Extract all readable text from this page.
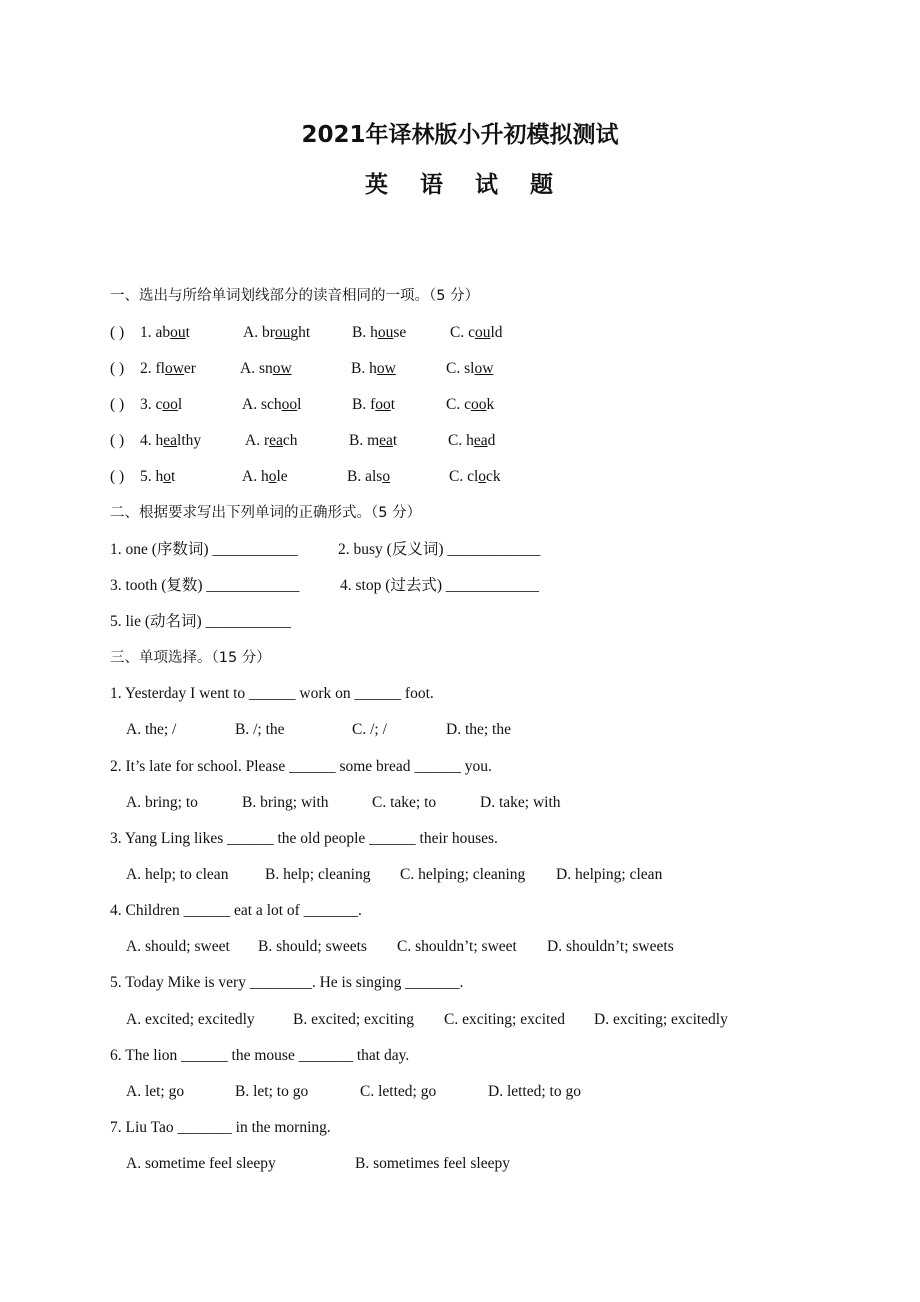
2021年译林版小升初模拟测试
英 语 试 题
一、选出与所给单词划线部分的读音相同的一项。（5 分）
( ) 1. about	A. brought	B. house	C. could
( ) 2. flower	A. snow	B. how	C. slow
( ) 3. cool	A. school	B. foot	C. cook
( ) 4. healthy	A. reach	B. meat	C. head
( ) 5. hot	A. hole	B. also	C. clock
二、根据要求写出下列单词的正确形式。（5 分）
1. one (序数词) ___________	2. busy (反义词) ____________
3. tooth (复数) ____________	4. stop (过去式) ____________
5. lie (动名词) ___________
三、单项选择。（15 分）
1. Yesterday I went to ______ work on ______ foot.
A. the; /	B. /; the	C. /; /	D. the; the
2. It’s late for school. Please ______ some bread ______ you.
A. bring; to	B. bring; with	C. take; to	D. take; with
3. Yang Ling likes ______ the old people ______ their houses.
A. help; to clean B. help; cleaning C. helping; cleaning D. helping; clean
4. Children ______ eat a lot of _______.
A. should; sweet B. should; sweets C. shouldn’t; sweet D. shouldn’t; sweets
5. Today Mike is very ________. He is singing _______.
A. excited; excitedly B. excited; exciting C. exciting; excited D. exciting; excitedly
6. The lion ______ the mouse _______ that day.
A. let; go	B. let; to go	C. letted; go	D. letted; to go
7. Liu Tao _______ in the morning.
A. sometime feel sleepy	B. sometimes feel sleepy
